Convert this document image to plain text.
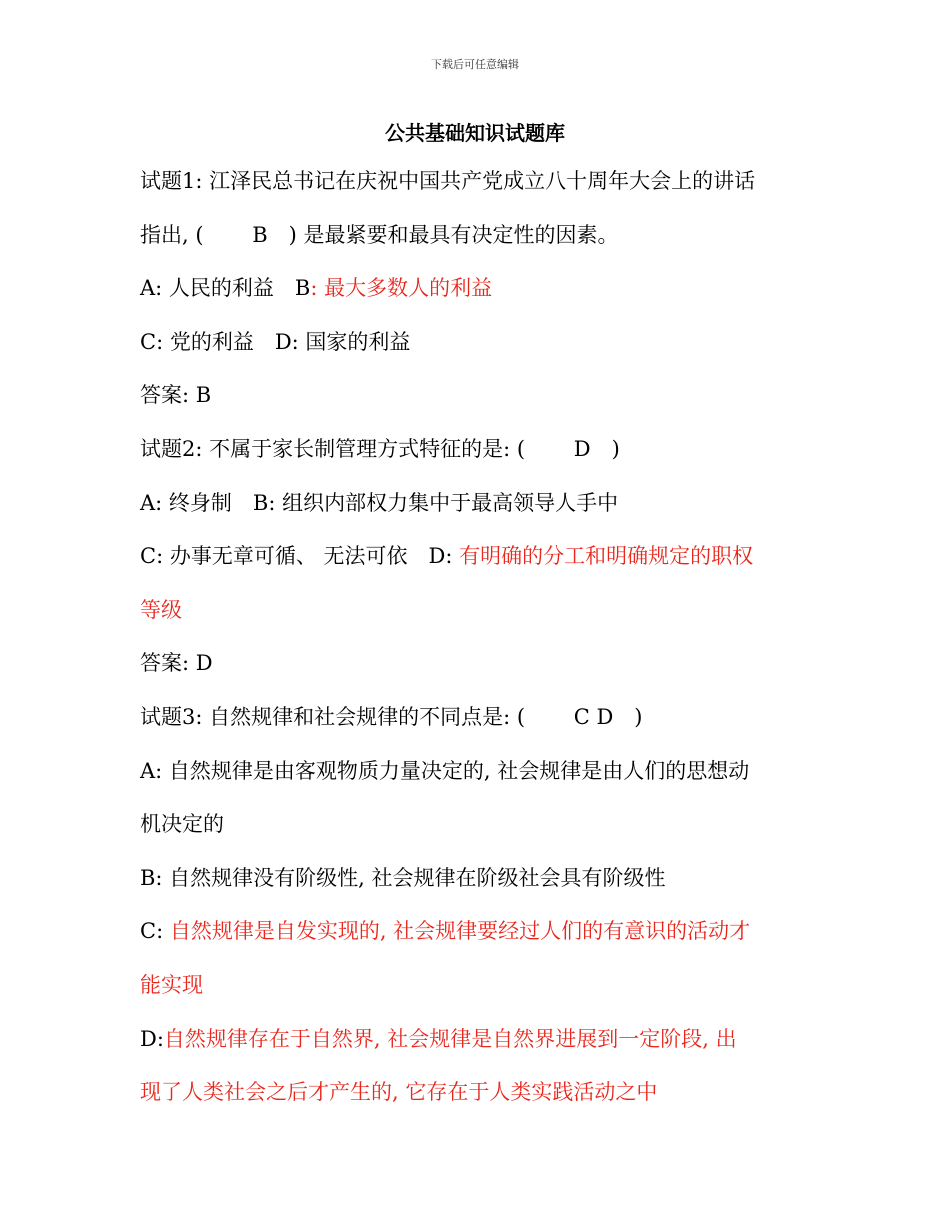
下载后可任意编辑
公共基础知识试题库
试题1: 江泽民总书记在庆祝中国共产党成立八十周年大会上的讲话
指出, (　　 B　) 是最紧要和最具有决定性的因素。
A: 人民的利益　B: 最大多数人的利益
C: 党的利益　D: 国家的利益
答案: B
试题2: 不属于家长制管理方式特征的是: (　　 D　)
A: 终身制　B: 组织内部权力集中于最高领导人手中
C: 办事无章可循、 无法可依　D: 有明确的分工和明确规定的职权
等级
答案: D
试题3: 自然规律和社会规律的不同点是: (　　 C D　)
A: 自然规律是由客观物质力量决定的, 社会规律是由人们的思想动
机决定的
B: 自然规律没有阶级性, 社会规律在阶级社会具有阶级性
C: 自然规律是自发实现的, 社会规律要经过人们的有意识的活动才
能实现
D:自然规律存在于自然界, 社会规律是自然界进展到一定阶段, 出
现了人类社会之后才产生的, 它存在于人类实践活动之中
